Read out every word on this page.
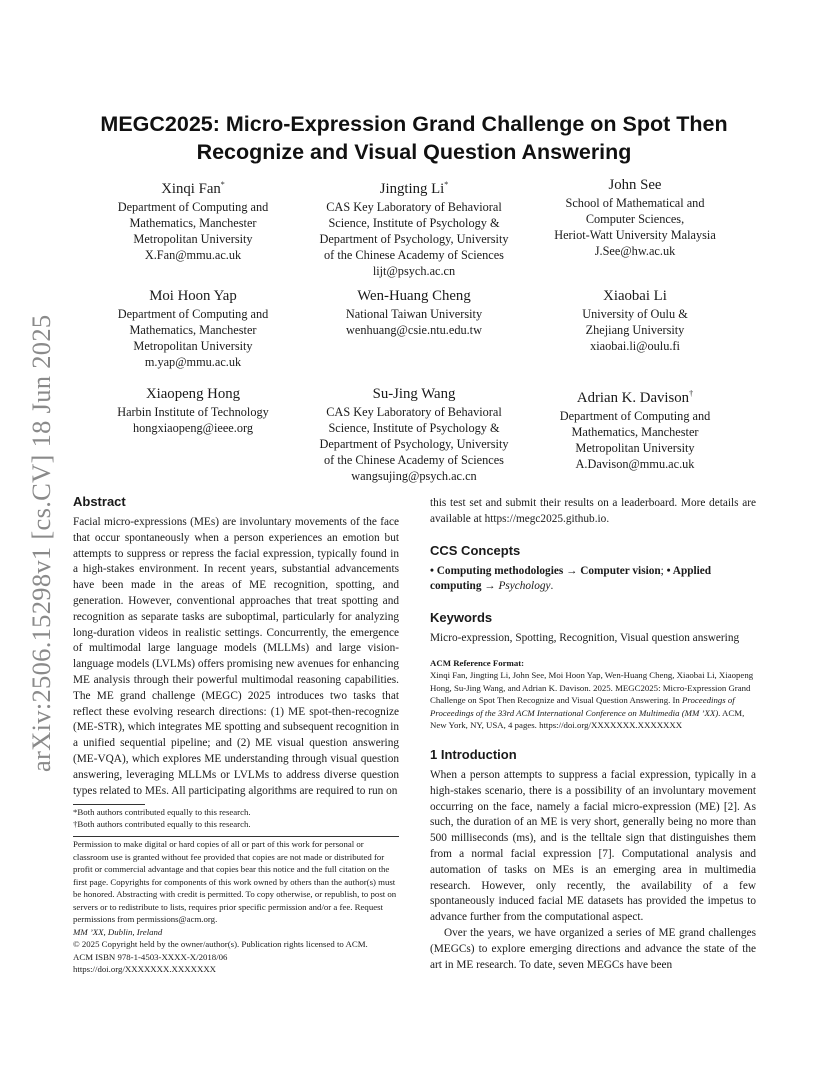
arXiv:2506.15298v1 [cs.CV] 18 Jun 2025
MEGC2025: Micro-Expression Grand Challenge on Spot Then
Recognize and Visual Question Answering
Xinqi Fan*
Department of Computing and
Mathematics, Manchester
Metropolitan University
X.Fan@mmu.ac.uk
Jingting Li*
CAS Key Laboratory of Behavioral
Science, Institute of Psychology &
Department of Psychology, University
of the Chinese Academy of Sciences
lijt@psych.ac.cn
John See
School of Mathematical and
Computer Sciences,
Heriot-Watt University Malaysia
J.See@hw.ac.uk
Moi Hoon Yap
Department of Computing and
Mathematics, Manchester
Metropolitan University
m.yap@mmu.ac.uk
Wen-Huang Cheng
National Taiwan University
wenhuang@csie.ntu.edu.tw
Xiaobai Li
University of Oulu &
Zhejiang University
xiaobai.li@oulu.fi
Xiaopeng Hong
Harbin Institute of Technology
hongxiaopeng@ieee.org
Su-Jing Wang
CAS Key Laboratory of Behavioral
Science, Institute of Psychology &
Department of Psychology, University
of the Chinese Academy of Sciences
wangsujing@psych.ac.cn
Adrian K. Davison†
Department of Computing and
Mathematics, Manchester
Metropolitan University
A.Davison@mmu.ac.uk
Abstract

Facial micro-expressions (MEs) are involuntary movements of the face that occur spontaneously when a person experiences an emotion but attempts to suppress or repress the facial expression, typically found in a high-stakes environment. In recent years, substantial advancements have been made in the areas of ME recognition, spotting, and generation. However, conventional approaches that treat spotting and recognition as separate tasks are suboptimal, particularly for analyzing long-duration videos in realistic settings. Concurrently, the emergence of multimodal large language models (MLLMs) and large vision-language models (LVLMs) offers promising new avenues for enhancing ME analysis through their powerful multimodal reasoning capabilities. The ME grand challenge (MEGC) 2025 introduces two tasks that reflect these evolving research directions: (1) ME spot-then-recognize (ME-STR), which integrates ME spotting and subsequent recognition in a unified sequential pipeline; and (2) ME visual question answering (ME-VQA), which explores ME understanding through visual question answering, leveraging MLLMs or LVLMs to address diverse question types related to MEs. All participating algorithms are required to run on

*Both authors contributed equally to this research.
†Both authors contributed equally to this research.

Permission to make digital or hard copies of all or part of this work for personal or classroom use is granted without fee provided that copies are not made or distributed for profit or commercial advantage and that copies bear this notice and the full citation on the first page. Copyrights for components of this work owned by others than the author(s) must be honored. Abstracting with credit is permitted. To copy otherwise, or republish, to post on servers or to redistribute to lists, requires prior specific permission and/or a fee. Request permissions from permissions@acm.org.

MM ’XX, Dublin, Ireland
© 2025 Copyright held by the owner/author(s). Publication rights licensed to ACM.
ACM ISBN 978-1-4503-XXXX-X/2018/06
https://doi.org/XXXXXXX.XXXXXXX

this test set and submit their results on a leaderboard. More details are available at https://megc2025.github.io.

CCS Concepts

• Computing methodologies → Computer vision; • Applied computing → Psychology.

Keywords

Micro-expression, Spotting, Recognition, Visual question answering

ACM Reference Format:

Xinqi Fan, Jingting Li, John See, Moi Hoon Yap, Wen-Huang Cheng, Xiaobai Li, Xiaopeng Hong, Su-Jing Wang, and Adrian K. Davison. 2025. MEGC2025: Micro-Expression Grand Challenge on Spot Then Recognize and Visual Question Answering. In Proceedings of Proceedings of the 33rd ACM International Conference on Multimedia (MM ’XX). ACM, New York, NY, USA, 4 pages. https://doi.org/XXXXXXX.XXXXXXX

1 Introduction

When a person attempts to suppress a facial expression, typically in a high-stakes scenario, there is a possibility of an involuntary movement occurring on the face, namely a facial micro-expression (ME) [2]. As such, the duration of an ME is very short, generally being no more than 500 milliseconds (ms), and is the telltale sign that distinguishes them from a normal facial expression [7]. Computational analysis and automation of tasks on MEs is an emerging area in multimedia research. However, only recently, the availability of a few spontaneously induced facial ME datasets has provided the impetus to advance further from the computational aspect.

Over the years, we have organized a series of ME grand challenges (MEGCs) to explore emerging directions and advance the state of the art in ME research. To date, seven MEGCs have been
